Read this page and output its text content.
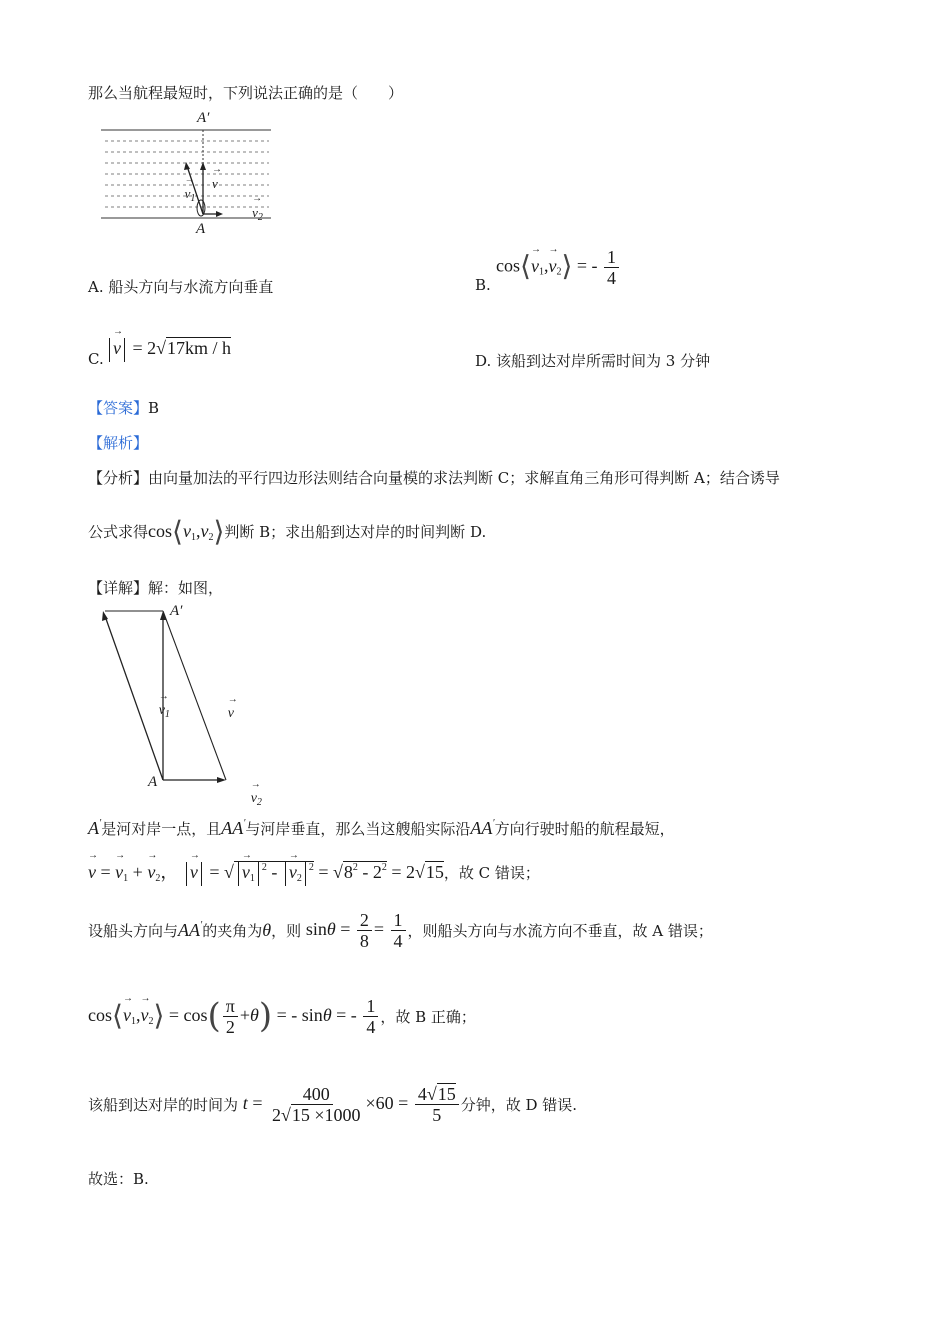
那么当航程最短时，下列说法正确的是（　　）
A′
A
→ $v \to v_1 \to v_2$
A. 船头方向与水流方向垂直	B.
cos⟨→ $v_1,\to$ $v_2⟩$ = - $\frac{1}{4}$
C.
→ v = 2√17km / h
D. 该船到达对岸所需时间为 3 分钟
【答案】B
【解析】
【分析】由向量加法的平行四边形法则结合向量模的求法判断 C；求解直角三角形可得判断 A；结合诱导
公式求得$\cos⟨v_1,v_2⟩$判断 B；求出船到达对岸的时间判断 D.
【详解】解：如图，
A′
A
→ $v_1$	→ $v \to v_2$
A′是河对岸一点，且AA′与河岸垂直，那么当这艘船实际沿AA′方向行驶时船的航程最短，
→ v = → $v_1$ + → $v_2$， → v = √ → $v_1^2$ - → $v_2^2 = √8^2 - 2^2 = 2√15$，故 C 错误；
设船头方向与AA′的夹角为θ，则 $\sin\theta = \frac{2}{8} = \frac{1}{4}$ ，则船头方向与水流方向不垂直，故 A 错误；
cos⟨→ $v_1,\to$ $v_2⟩ = \cos( \frac{\pi}{2} +\theta)$ = - sinθ = - $\frac{1}{4}$ ，故 B 正确；
该船到达对岸的时间为 $t = \frac{400}{2√15 \times 1000} \times 60 = \frac{4√15}{5}$ 分钟，故 D 错误.
故选：B.
